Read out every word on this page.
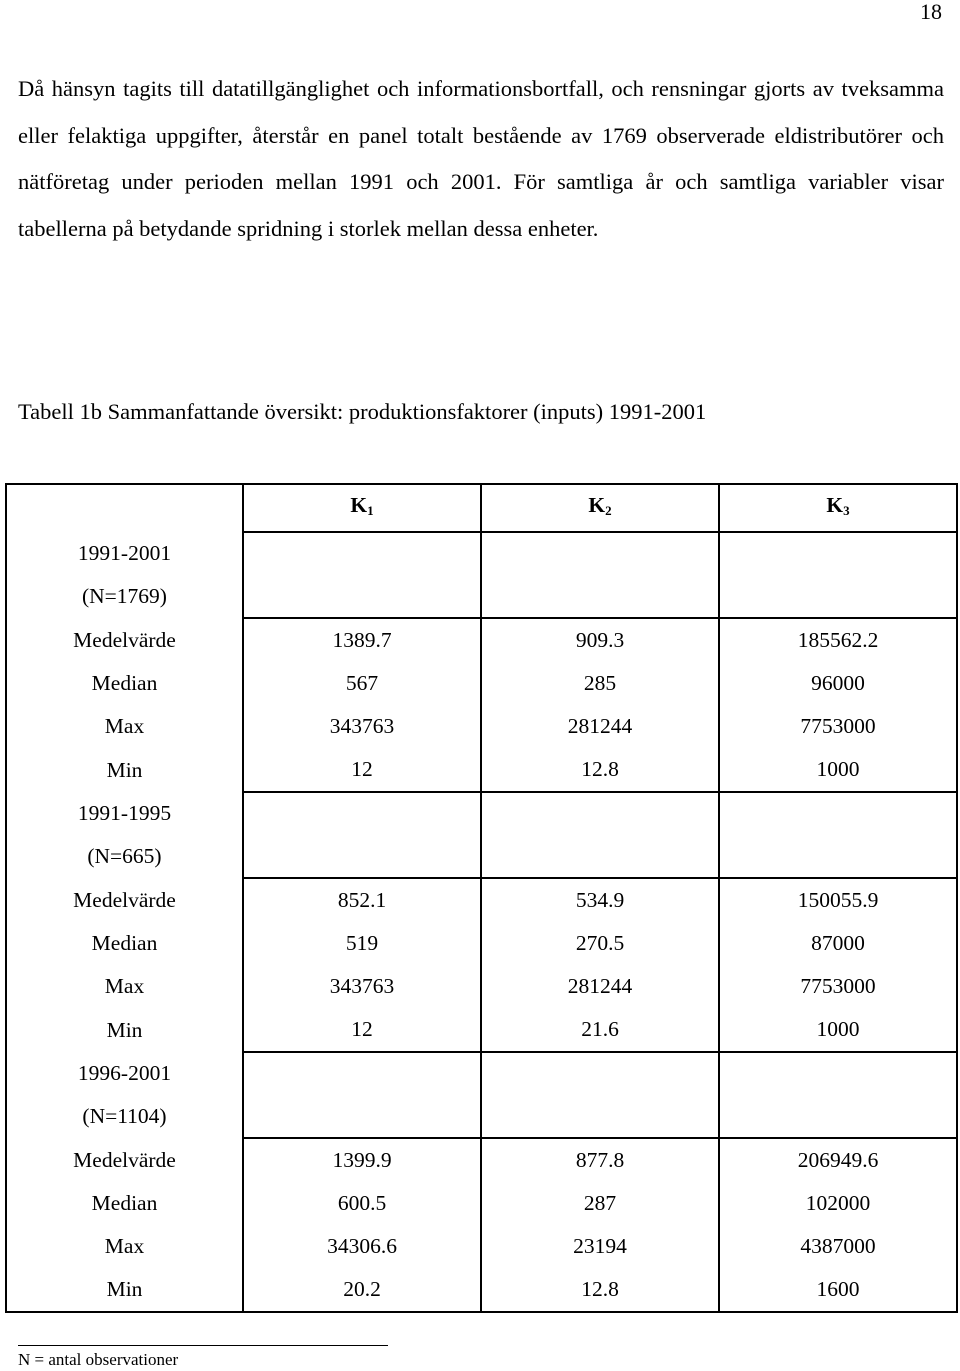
18

Då hänsyn tagits till datatillgänglighet och informationsbortfall, och rensningar gjorts av tveksamma eller felaktiga uppgifter, återstår en panel totalt bestående av 1769 observerade eldistributörer och nätföretag under perioden mellan 1991 och 2001. För samtliga år och samtliga variabler visar tabellerna på betydande spridning i storlek mellan dessa enheter.

Tabell 1b Sammanfattande översikt: produktionsfaktorer (inputs) 1991-2001
	$K_1$	$K_2$	$K_3$

1991-2001
(N=1769)			

Medelvärde	1389.7	909.3	185562.2
Median	567	285	96000
Max	343763	281244	7753000
Min	12	12.8	1000

1991-1995
(N=665)			

Medelvärde	852.1	534.9	150055.9
Median	519	270.5	87000
Max	343763	281244	7753000
Min	12	21.6	1000

1996-2001
(N=1104)			

Medelvärde	1399.9	877.8	206949.6
Median	600.5	287	102000
Max	34306.6	23194	4387000
Min	20.2	12.8	1600
N = antal observationer
